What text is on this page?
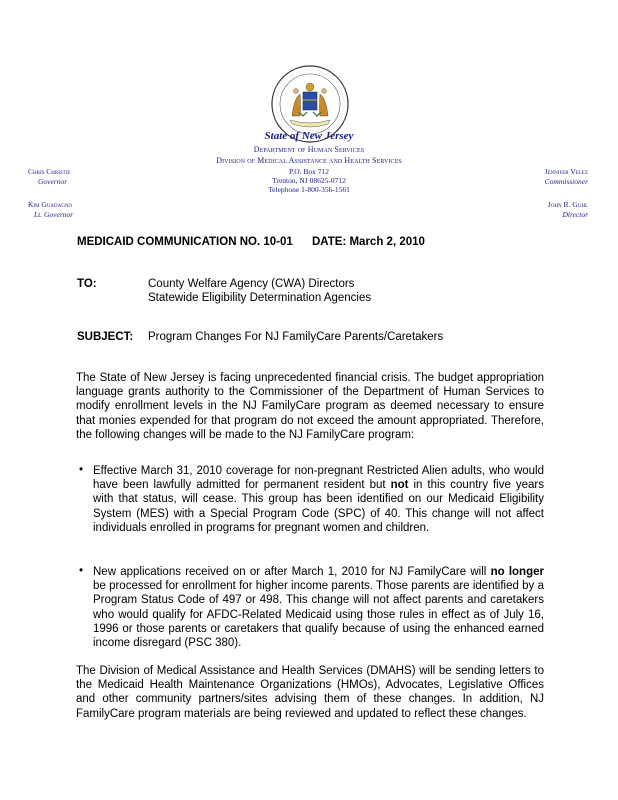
State of New Jersey
Department of Human Services
Division of Medical Assistance and Health Services
P.O. Box 712
Trenton, NJ 08625-0712
Telephone 1-800-356-1561
Chris Christie
Governor
Kim Guadagno
Lt. Governor
Jennifer Velez
Commissioner
John R. Guhl
Director
MEDICAID COMMUNICATION NO. 10-01 DATE: March 2, 2010
TO:	County Welfare Agency (CWA) Directors
Statewide Eligibility Determination Agencies
SUBJECT: Program Changes For NJ FamilyCare Parents/Caretakers
The State of New Jersey is facing unprecedented financial crisis. The budget appropriation language grants authority to the Commissioner of the Department of Human Services to modify enrollment levels in the NJ FamilyCare program as deemed necessary to ensure that monies expended for that program do not exceed the amount appropriated. Therefore, the following changes will be made to the NJ FamilyCare program:
• Effective March 31, 2010 coverage for non-pregnant Restricted Alien adults, who would have been lawfully admitted for permanent resident but not in this country five years with that status, will cease. This group has been identified on our Medicaid Eligibility System (MES) with a Special Program Code (SPC) of 40. This change will not affect individuals enrolled in programs for pregnant women and children.
• New applications received on or after March 1, 2010 for NJ FamilyCare will no longer be processed for enrollment for higher income parents. Those parents are identified by a Program Status Code of 497 or 498. This change will not affect parents and caretakers who would qualify for AFDC-Related Medicaid using those rules in effect as of July 16, 1996 or those parents or caretakers that qualify because of using the enhanced earned income disregard (PSC 380).
The Division of Medical Assistance and Health Services (DMAHS) will be sending letters to the Medicaid Health Maintenance Organizations (HMOs), Advocates, Legislative Offices and other community partners/sites advising them of these changes. In addition, NJ FamilyCare program materials are being reviewed and updated to reflect these changes.
